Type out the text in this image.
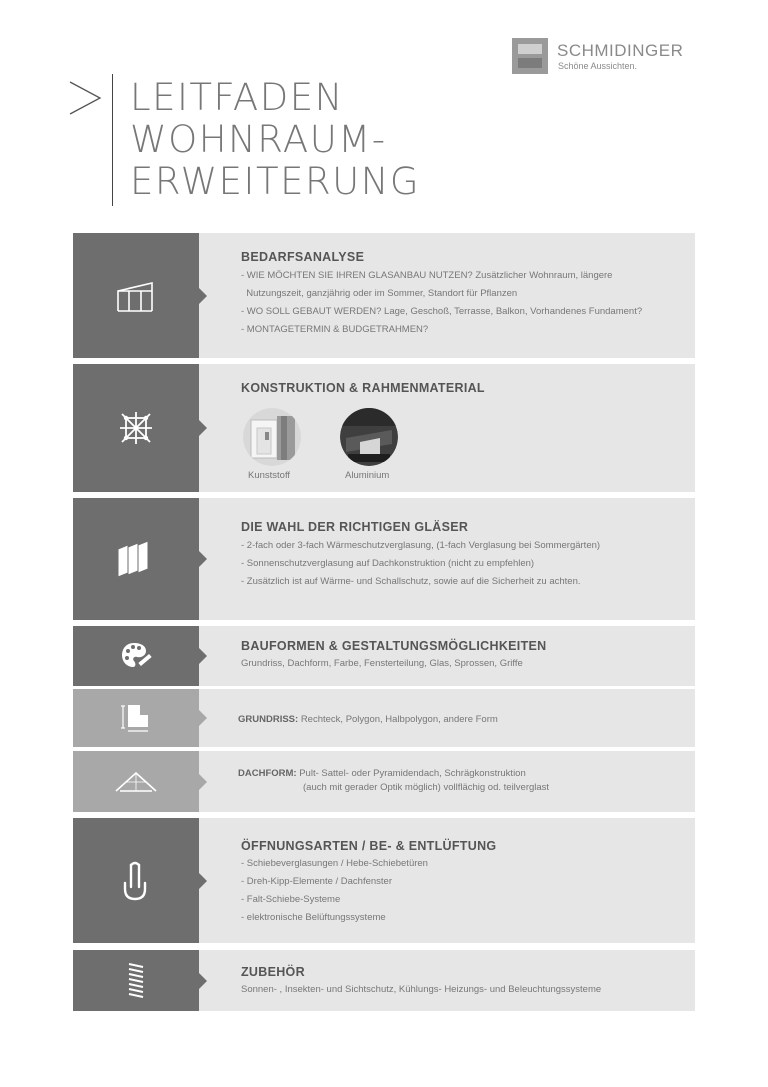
SCHMIDINGER
Schöne Aussichten.
LEITFADEN
WOHNRAUM-
ERWEITERUNG
BEDARFSANALYSE
- WIE MÖCHTEN SIE IHREN GLASANBAU NUTZEN? Zusätzlicher Wohnraum, längere
Nutzungszeit, ganzjährig oder im Sommer, Standort für Pflanzen
- WO SOLL GEBAUT WERDEN? Lage, Geschoß, Terrasse, Balkon, Vorhandenes Fundament?
- MONTAGETERMIN & BUDGETRAHMEN?
KONSTRUKTION & RAHMENMATERIAL
Kunststoff	Aluminium
DIE WAHL DER RICHTIGEN GLÄSER
- 2-fach oder 3-fach Wärmeschutzverglasung, (1-fach Verglasung bei Sommergärten)
- Sonnenschutzverglasung auf Dachkonstruktion (nicht zu empfehlen)
- Zusätzlich ist auf Wärme- und Schallschutz, sowie auf die Sicherheit zu achten.
BAUFORMEN & GESTALTUNGSMÖGLICHKEITEN
Grundriss, Dachform, Farbe, Fensterteilung, Glas, Sprossen, Griffe
GRUNDRISS: Rechteck, Polygon, Halbpolygon, andere Form
DACHFORM: Pult- Sattel- oder Pyramidendach, Schrägkonstruktion
(auch mit gerader Optik möglich) vollflächig od. teilverglast
ÖFFNUNGSARTEN / BE- & ENTLÜFTUNG
- Schiebeverglasungen / Hebe-Schiebetüren
- Dreh-Kipp-Elemente / Dachfenster
- Falt-Schiebe-Systeme
- elektronische Belüftungssysteme
ZUBEHÖR
Sonnen- , Insekten- und Sichtschutz, Kühlungs- Heizungs- und Beleuchtungssysteme
